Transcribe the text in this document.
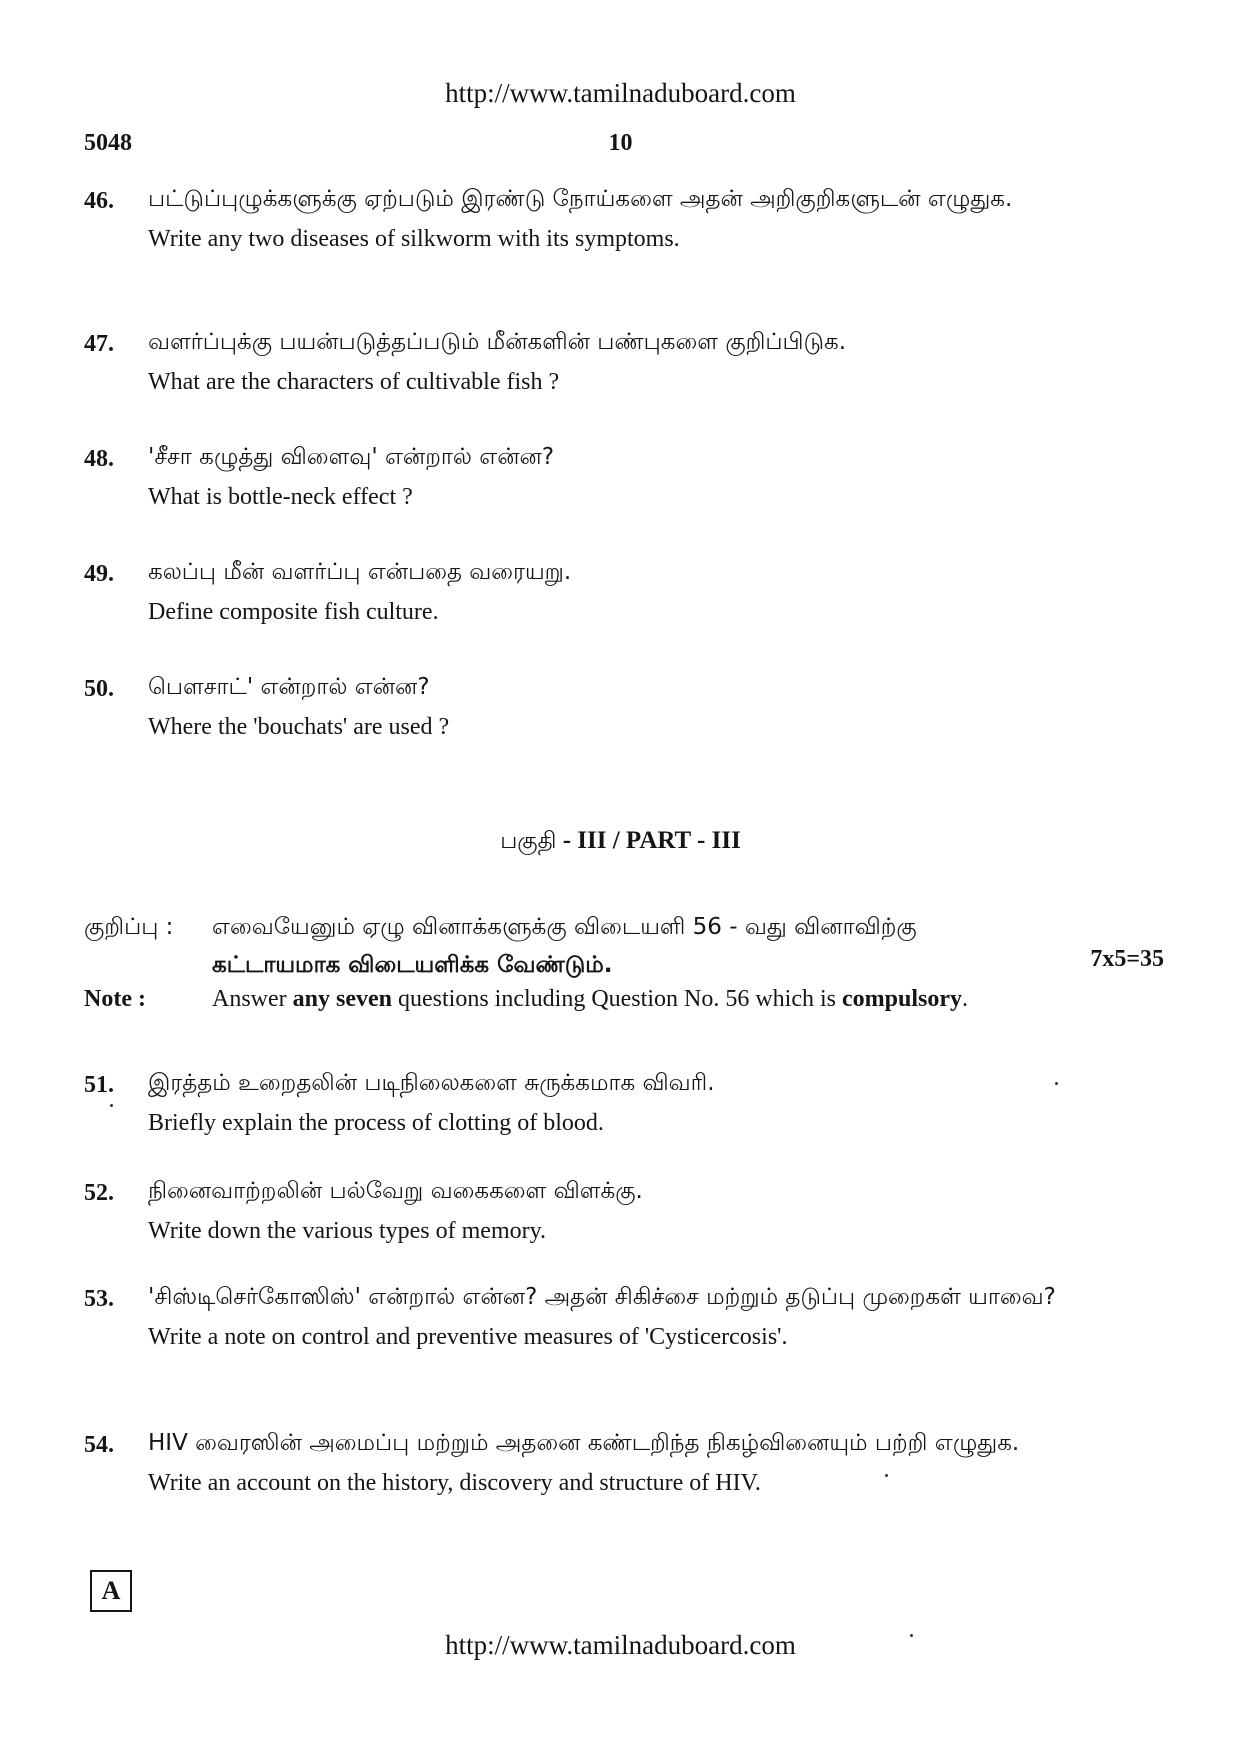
http://www.tamilnaduboard.com
5048	10
46. பட்டுப்புழுக்களுக்கு ஏற்படும் இரண்டு நோய்களை அதன் அறிகுறிகளுடன் எழுதுக.
Write any two diseases of silkworm with its symptoms.
47. வளர்ப்புக்கு பயன்படுத்தப்படும் மீன்களின் பண்புகளை குறிப்பிடுக.
What are the characters of cultivable fish ?
48. 'சீசா கழுத்து விளைவு' என்றால் என்ன?
What is bottle-neck effect ?
49. கலப்பு மீன் வளர்ப்பு என்பதை வரையறு.
Define composite fish culture.
50. பௌசாட்' என்றால் என்ன?
Where the 'bouchats' are used ?
பகுதி - III / PART - III
குறிப்பு : எவையேனும் ஏழு வினாக்களுக்கு விடையளி 56 - வது வினாவிற்கு
கட்டாயமாக விடையளிக்க வேண்டும்.	7x5=35
Note :	Answer any seven questions including Question No. 56 which is compulsory.
51. இரத்தம் உறைதலின் படிநிலைகளை சுருக்கமாக விவரி.
Briefly explain the process of clotting of blood.
52. நினைவாற்றலின் பல்வேறு வகைகளை விளக்கு.
Write down the various types of memory.
53. 'சிஸ்டிசெர்கோஸிஸ்' என்றால் என்ன? அதன் சிகிச்சை மற்றும் தடுப்பு முறைகள் யாவை?
Write a note on control and preventive measures of 'Cysticercosis'.
54. HIV வைரஸின் அமைப்பு மற்றும் அதனை கண்டறிந்த நிகழ்வினையும் பற்றி எழுதுக.
Write an account on the history, discovery and structure of HIV.
A
http://www.tamilnaduboard.com
